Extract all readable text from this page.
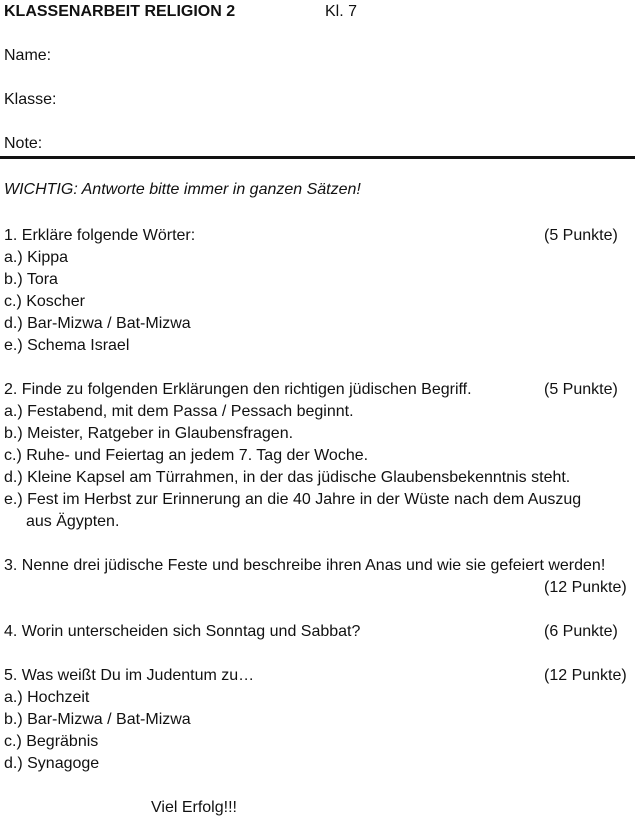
KLASSENARBEIT RELIGION 2	Kl. 7
Name:
Klasse:
Note:
WICHTIG: Antworte bitte immer in ganzen Sätzen!
1. Erkläre folgende Wörter:	(5 Punkte)
a.) Kippa
b.) Tora
c.) Koscher
d.) Bar-Mizwa / Bat-Mizwa
e.) Schema Israel
2. Finde zu folgenden Erklärungen den richtigen jüdischen Begriff.	(5 Punkte)
a.) Festabend, mit dem Passa / Pessach beginnt.
b.) Meister, Ratgeber in Glaubensfragen.
c.) Ruhe- und Feiertag an jedem 7. Tag der Woche.
d.) Kleine Kapsel am Türrahmen, in der das jüdische Glaubensbekenntnis steht.
e.) Fest im Herbst zur Erinnerung an die 40 Jahre in der Wüste nach dem Auszug
aus Ägypten.
3. Nenne drei jüdische Feste und beschreibe ihren Anas und wie sie gefeiert werden!
(12 Punkte)
4. Worin unterscheiden sich Sonntag und Sabbat?	(6 Punkte)
5. Was weißt Du im Judentum zu…	(12 Punkte)
a.) Hochzeit
b.) Bar-Mizwa / Bat-Mizwa
c.) Begräbnis
d.) Synagoge
Viel Erfolg!!!
